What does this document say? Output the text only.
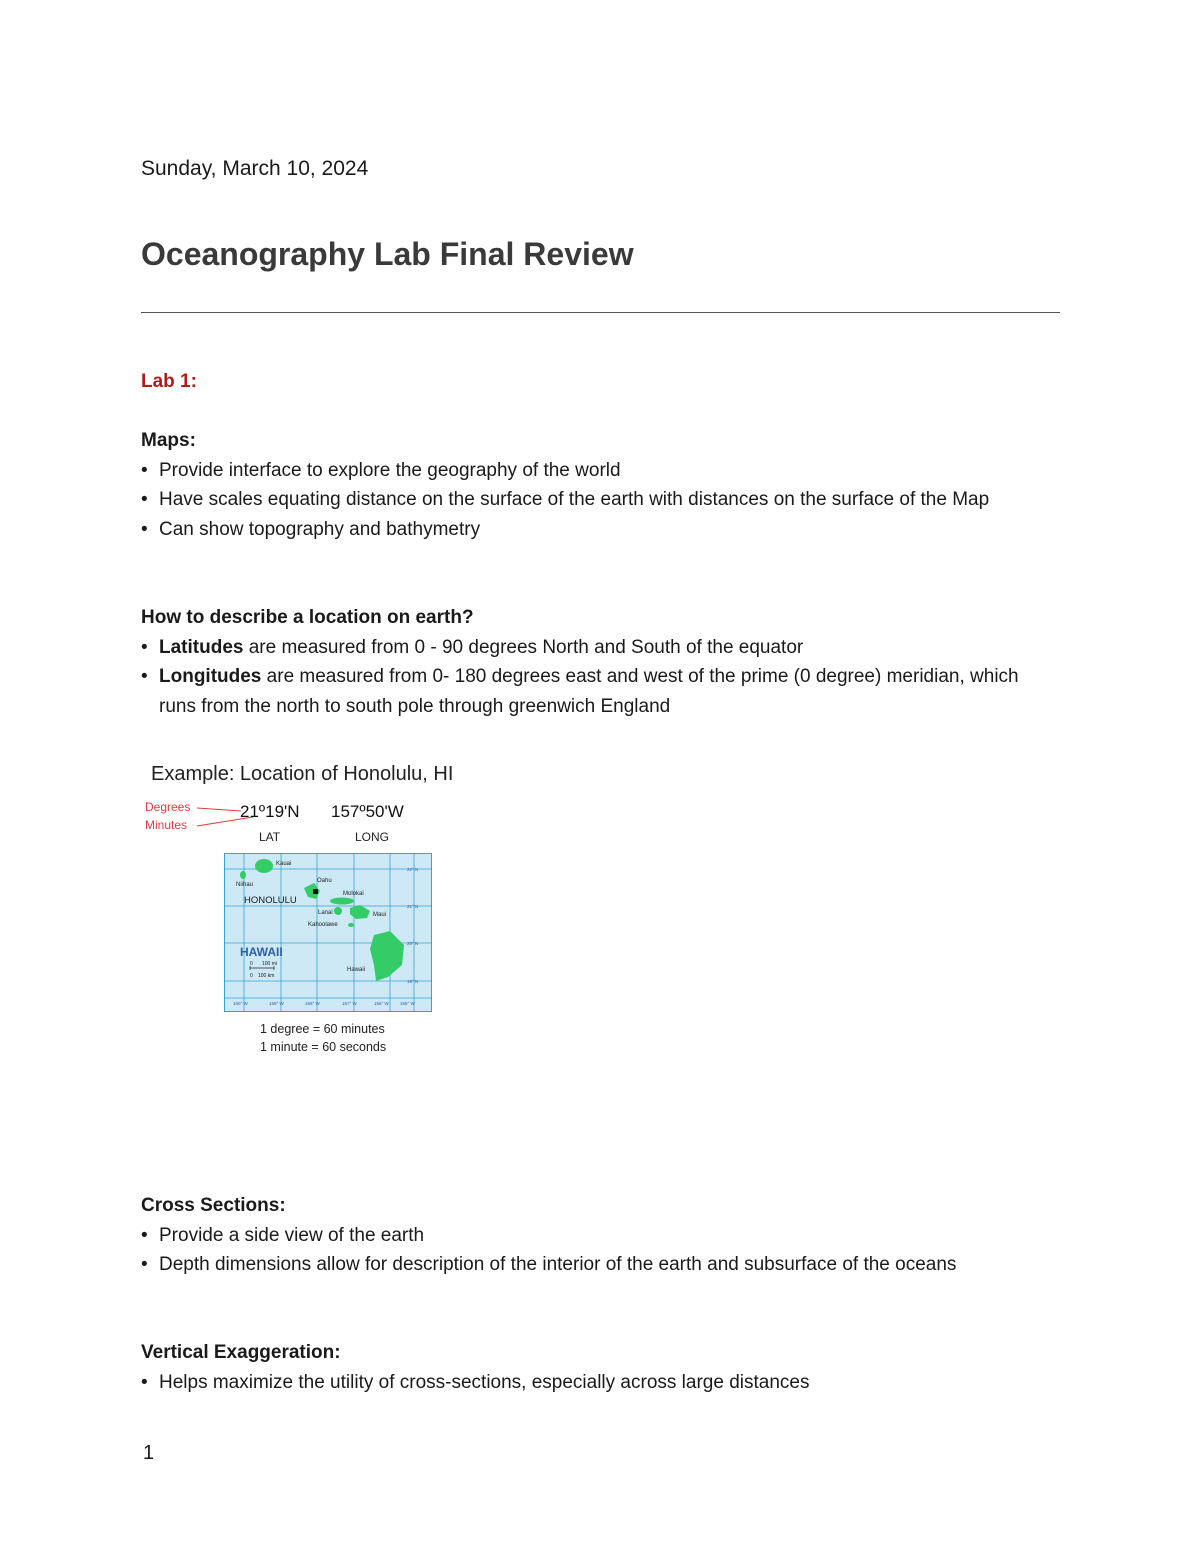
Sunday, March 10, 2024
Oceanography Lab Final Review
Lab 1:
Maps:
• Provide interface to explore the geography of the world
• Have scales equating distance on the surface of the earth with distances on the surface of the Map
• Can show topography and bathymetry
How to describe a location on earth?
• Latitudes are measured from 0 - 90 degrees North and South of the equator
• Longitudes are measured from 0- 180 degrees east and west of the prime (0 degree) meridian, which runs from the north to south pole through greenwich England
Cross Sections:
• Provide a side view of the earth
• Depth dimensions allow for description of the interior of the earth and subsurface of the oceans
Vertical Exaggeration:
• Helps maximize the utility of cross-sections, especially across large distances
Example: Location of Honolulu, HI
Degrees
Minutes
21º19'N 157º50'W
LAT	LONG
Kauai
Niihau
Oahu
Molokai
Lanai	Maui
Kahoolawe
Hawaii
HONOLULU
HAWAII
0 100 mi
0 100 km
22° N
21° N
20° N
19° N
160° W	159° W	158° W	157° W	156° W 155° W
1 degree = 60 minutes
1 minute = 60 seconds
1
